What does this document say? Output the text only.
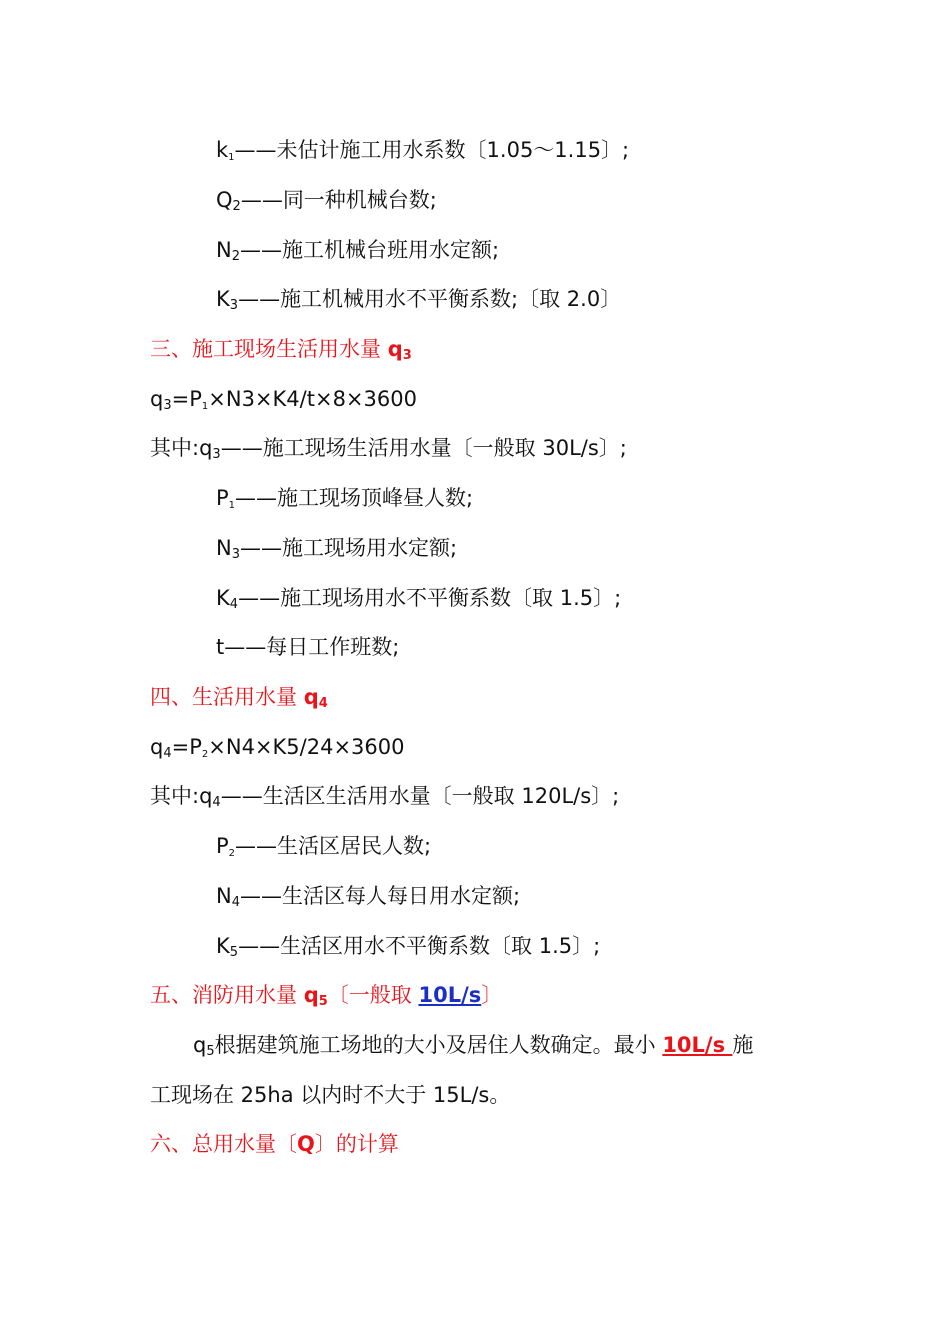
$k_1——$未估计施工用水系数〔1.05～1.15〕;
$Q_2——$同一种机械台数;
$N_2——$施工机械台班用水定额;
$K_3——$施工机械用水不平衡系数;〔取 2.0〕
三、施工现场生活用水量 $q_3$
$q_3=P_1\times N3\times K4/t\times 8\times 3600$
其中$:q_3——$施工现场生活用水量〔一般取 30L/s〕;
$P_1——$施工现场顶峰昼人数;
$N_3——$施工现场用水定额;
$K_4——$施工现场用水不平衡系数〔取 1.5〕;
t——每日工作班数;
四、生活用水量 $q_4$
$q_4=P_2\times N4\times K5/24\times 3600$
其中$:q_4——$生活区生活用水量〔一般取 120L/s〕;
$P_2——$生活区居民人数;
$N_4——$生活区每人每日用水定额;
$K_5——$生活区用水不平衡系数〔取 1.5〕;
五、消防用水量 $q_5$〔一般取 10L/s〕
$q_5$根据建筑施工场地的大小及居住人数确定。最小 10L/s 施
工现场在 25ha 以内时不大于 15L/s。
六、总用水量〔Q〕的计算
